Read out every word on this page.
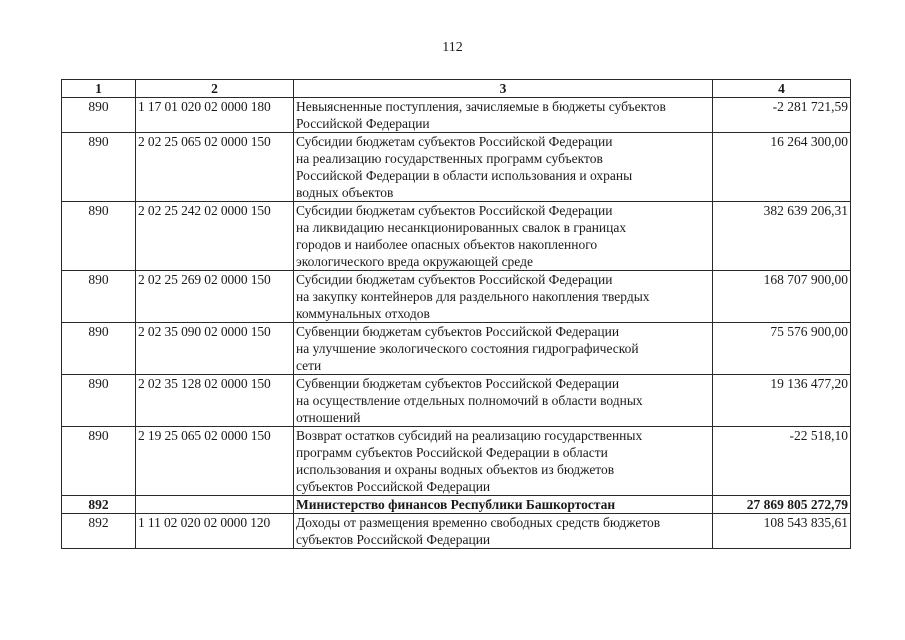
112
1	2	3	4
890	1 17 01 020 02 0000 180	Невыясненные поступления, зачисляемые в бюджеты субъектов
Российской Федерации	-2 281 721,59
890	2 02 25 065 02 0000 150	Субсидии бюджетам субъектов Российской Федерации
на реализацию государственных программ субъектов
Российской Федерации в области использования и охраны
водных объектов	16 264 300,00
890	2 02 25 242 02 0000 150	Субсидии бюджетам субъектов Российской Федерации
на ликвидацию несанкционированных свалок в границах
городов и наиболее опасных объектов накопленного
экологического вреда окружающей среде	382 639 206,31
890	2 02 25 269 02 0000 150	Субсидии бюджетам субъектов Российской Федерации
на закупку контейнеров для раздельного накопления твердых
коммунальных отходов	168 707 900,00
890	2 02 35 090 02 0000 150	Субвенции бюджетам субъектов Российской Федерации
на улучшение экологического состояния гидрографической
сети	75 576 900,00
890	2 02 35 128 02 0000 150	Субвенции бюджетам субъектов Российской Федерации
на осуществление отдельных полномочий в области водных
отношений	19 136 477,20
890	2 19 25 065 02 0000 150	Возврат остатков субсидий на реализацию государственных
программ субъектов Российской Федерации в области
использования и охраны водных объектов из бюджетов
субъектов Российской Федерации	-22 518,10
892		Министерство финансов Республики Башкортостан	27 869 805 272,79
892	1 11 02 020 02 0000 120	Доходы от размещения временно свободных средств бюджетов
субъектов Российской Федерации	108 543 835,61
